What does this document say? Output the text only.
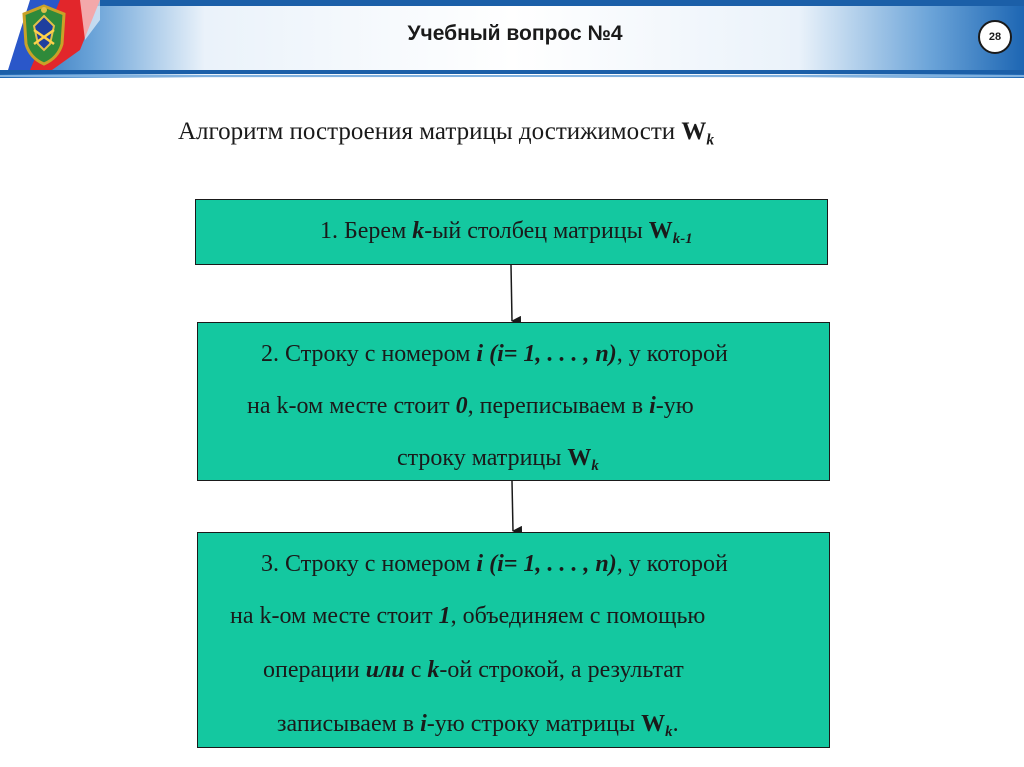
Учебный вопрос №4	28
Алгоритм построения матрицы достижимости $W_k$
1. Берем k-ый столбец матрицы $W_{k-1}$
2. Строку с номером i (i= 1, . . . , n), у которой
на k-ом месте стоит 0, переписываем в i-ую
строку матрицы $W_k$
3. Строку с номером i (i= 1, . . . , n), у которой
на k-ом месте стоит 1, объединяем с помощью
операции или с k-ой строкой, а результат
записываем в i-ую строку матрицы $W_k$.
